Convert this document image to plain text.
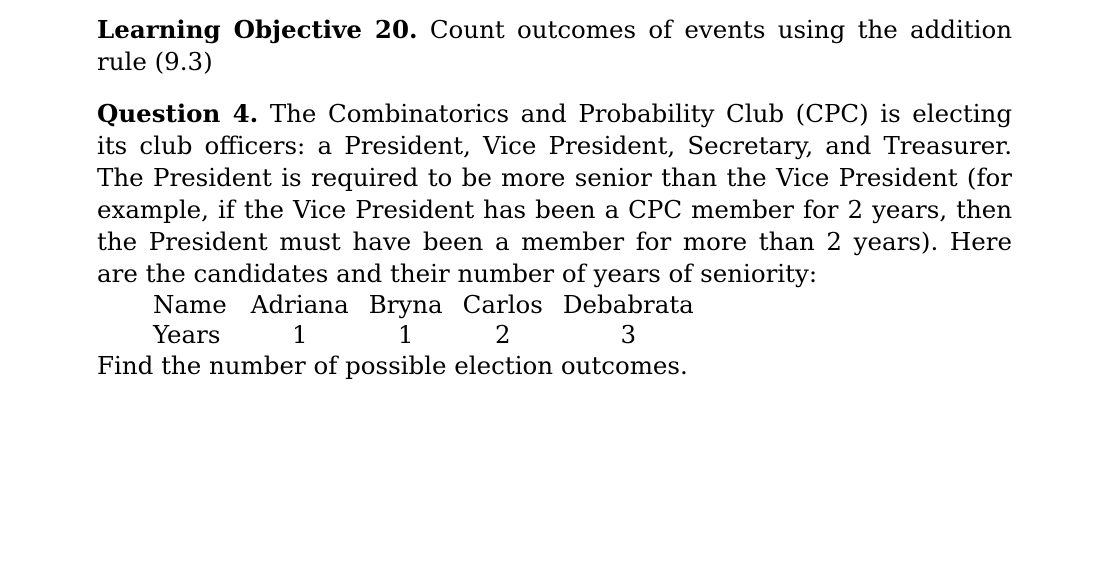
Learning Objective 20. Count outcomes of events using the addition rule (9.3)

Question 4. The Combinatorics and Probability Club (CPC) is electing its club officers: a President, Vice President, Secretary, and Treasurer. The President is required to be more senior than the Vice President (for example, if the Vice President has been a CPC member for 2 years, then the President must have been a member for more than 2 years). Here are the candidates and their number of years of seniority:

Name	Adriana	Bryna	Carlos	Debabrata
Years	1	1	2	3

Find the number of possible election outcomes.
